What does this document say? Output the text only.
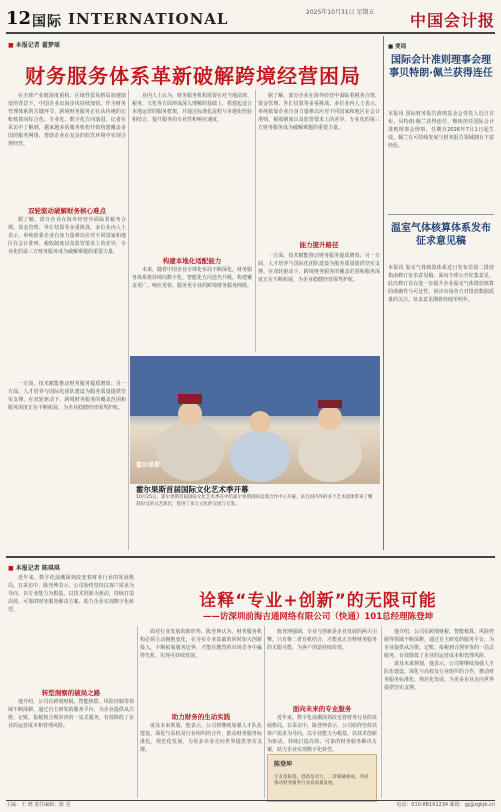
12 国际 INTERNATIONAL	2025年10月31日 星期五	中国会计报
财务服务体系革新破解跨境经营困局
■ 本报记者 翟梦瑶

在全球产业链深度重构、区域性贸易格局加速演变的背景下，中国企业出海步伐持续加快。作为财务管理体系的关键环节，跨境财务服务正在从传统的记账核算向综合化、专业化、数字化方向演进。记者在采访中了解到，越来越多的服务机构开始构建覆盖多国的服务网络，帮助企业在复杂的监管环境中实现合规经营。

双轮驱动破解财务核心难点

据了解，部分企业在海外经营中面临着税务合规、资金管理、外汇结算等多重挑战。多位业内人士表示，单纯依靠企业自身力量难以应对不同国家和地区在会计准则、税收制度以及监管要求上的差异，专业化的第三方财务服务成为破解难题的重要力量。

一方面，技术赋能推动财务服务提质增效；另一方面，人才培养与国际化团队建设为服务质量提供坚实支撑。在双轮驱动下，跨境财务服务的覆盖范围和服务深度正在不断拓展，为企业稳健经营保驾护航。

业内人士认为，财务服务机构需要在对当地法律、税务、文化等方面形成深入理解的基础上，搭建起适合本地运营的服务框架，并通过标准化流程与本地化经验相结合，提升服务的专业性和响应速度。

构建本地化适配能力

未来，随着中国企业全球化布局不断深化，财务服务体系将持续向数字化、智能化方向迭代升级，构建覆盖更广、响应更快、服务更专业的跨境财务服务网络。

据了解，部分企业在海外经营中面临着税务合规、资金管理、外汇结算等多重挑战。多位业内人士表示，单纯依靠企业自身力量难以应对不同国家和地区在会计准则、税收制度以及监管要求上的差异，专业化的第三方财务服务成为破解难题的重要力量。

能力提升路径

一方面，技术赋能推动财务服务提质增效；另一方面，人才培养与国际化团队建设为服务质量提供坚实支撑。在双轮驱动下，跨境财务服务的覆盖范围和服务深度正在不断拓展，为企业稳健经营保驾护航。

霍尔果斯
霍尔果斯首届国际文化艺术季开幕
10月25日，霍尔果斯首届国际文化艺术季在中哈霍尔果斯国际边境合作中心开幕。来自国内外的多个艺术团体带来了精彩纷呈的文艺演出，促进了多元文化的交流与互鉴。
■ 要闻
国际会计准则理事会理事贝特朗·佩兰获得连任
本报讯 国际财务报告准则基金会受托人近日宣布，贝特朗·佩兰获得连任，继续担任国际会计准则理事会理事，任期自2026年7月1日起生效。佩兰在可持续发展与财务报告领域拥有丰富经验。
温室气体核算体系发布征求意见稿
本报讯 温室气体核算体系近日发布范围二排放指南修订征求意见稿，面向全球公开征集意见。此次修订旨在进一步提升企业温室气体排放核算的准确性与可比性，回应市场各方对排放数据质量的关注。征求意见期将持续至明年。
诠释“专业+创新”的无限可能
——访深圳前海吉通网络有限公司（快通）101总经理陈登坤
■ 本报记者 陈琪琪

近年来，数字化浪潮深刻改变着财务行业的发展格局。在采访中，陈登坤表示，公司始终坚持以客户需求为导向，以专业能力为根基，以技术创新为驱动，持续打造高效、可靠的财务服务解决方案，助力企业实现数字化转型。

转型洞察的破局之路

他介绍，公司在跨境财税、智能核算、风险控制等领域不断深耕，通过自主研发的服务平台，为企业提供从注册、记账、报税到合规审查的一站式服务，有效降低了企业的运营成本和管理风险。

面对行业发展的新形势，陈登坤认为，财务服务机构必须主动拥抱变化，在夯实专业基础的同时加大创新投入，不断拓展服务边界，才能在激烈的市场竞争中赢得先机，实现可持续发展。

助力财务的生动实践

谈及未来规划，他表示，公司将继续加强人才队伍建设，深化与高校及行业组织的合作，推动财务服务标准化、规范化发展，为更多企业走向世界提供坚实支撑。

陈登坤强调，专业与创新是企业发展的两大引擎，只有将二者有机结合，才能真正诠释财务服务的无限可能，为客户创造持续价值。

面向未来的专业服务

近年来，数字化浪潮深刻改变着财务行业的发展格局。在采访中，陈登坤表示，公司始终坚持以客户需求为导向，以专业能力为根基，以技术创新为驱动，持续打造高效、可靠的财务服务解决方案，助力企业实现数字化转型。

陈登坤
专业是根基，创新是动力，二者相辅相成，共同推动财务服务行业高质量发展。

他介绍，公司在跨境财税、智能核算、风险控制等领域不断深耕，通过自主研发的服务平台，为企业提供从注册、记账、报税到合规审查的一站式服务，有效降低了企业的运营成本和管理风险。

谈及未来规划，他表示，公司将继续加强人才队伍建设，深化与高校及行业组织的合作，推动财务服务标准化、规范化发展，为更多企业走向世界提供坚实支撑。

主编：王 晓 责任编辑：陈 星	电话：010-88191234 邮箱：gj@zgkjb.cn
